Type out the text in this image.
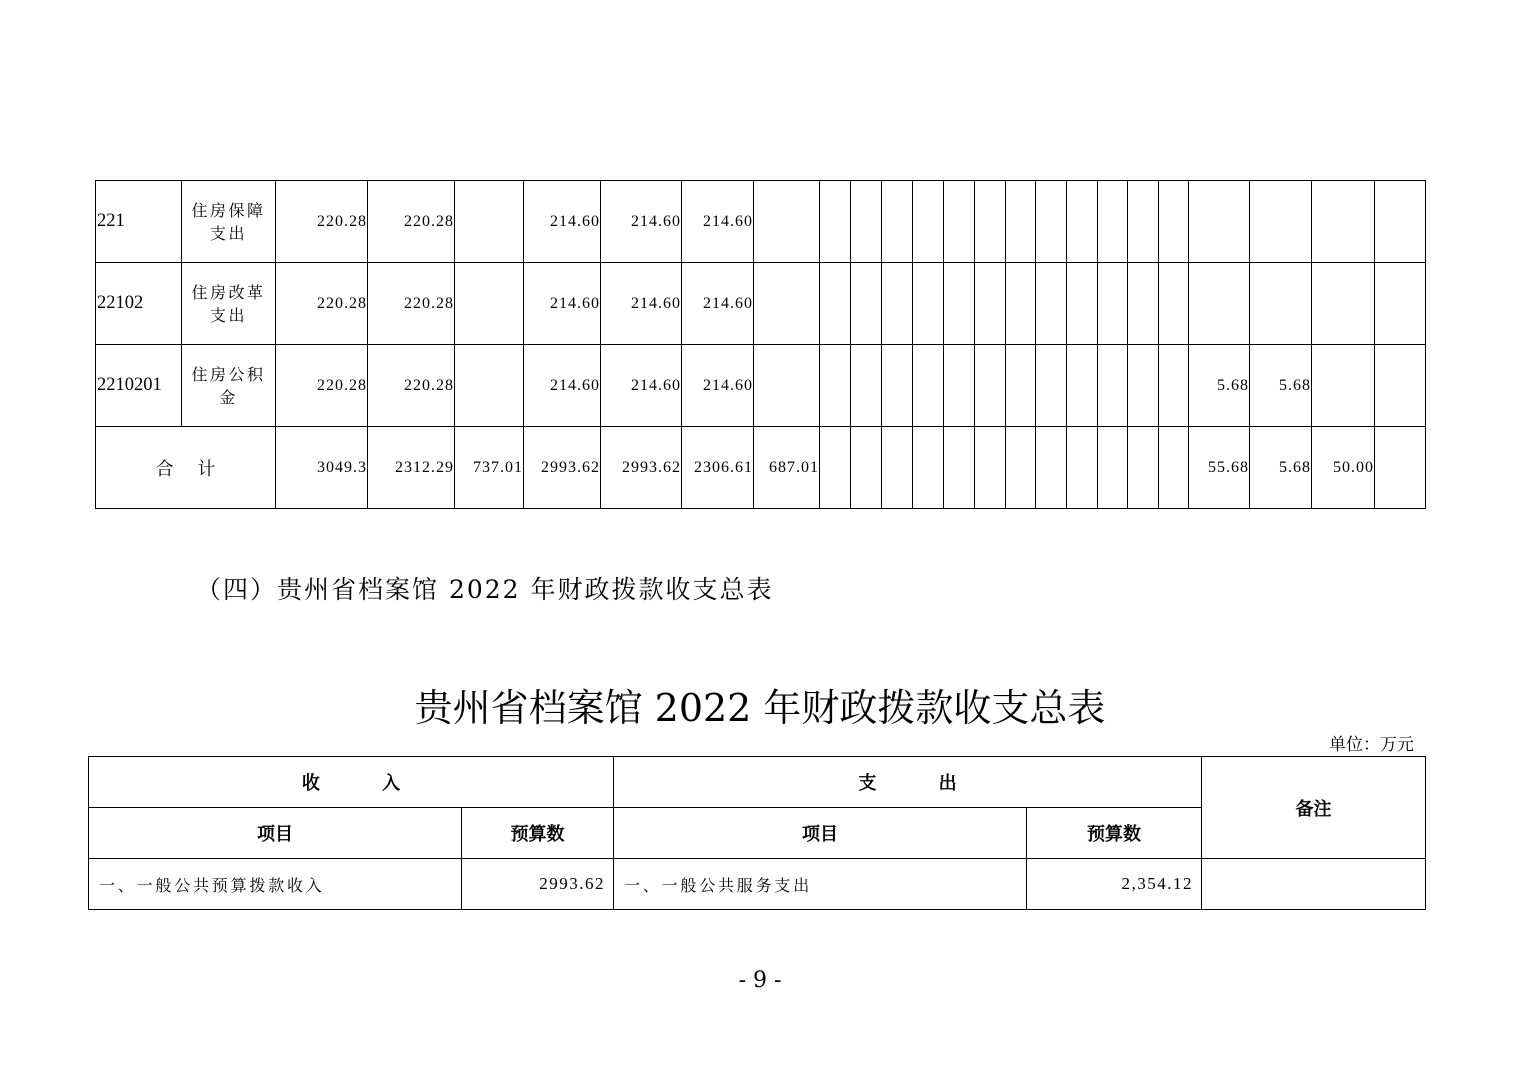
221	住房保障支出	220.28	220.28		214.60	214.60	214.60																	
22102	住房改革支出	220.28	220.28		214.60	214.60	214.60																	
2210201	住房公积金	220.28	220.28		214.60	214.60	214.60														5.68	5.68		
合 计		3049.3	2312.29	737.01	2993.62	2993.62	2306.61	687.01													55.68	5.68	50.00	
（四）贵州省档案馆 2022 年财政拨款收支总表
贵州省档案馆 2022 年财政拨款收支总表
单位：万元
收 入		支 出		备注
项目	预算数	项目	预算数	
一、一般公共预算拨款收入	2993.62	一、一般公共服务支出	2,354.12	
- 9 -
